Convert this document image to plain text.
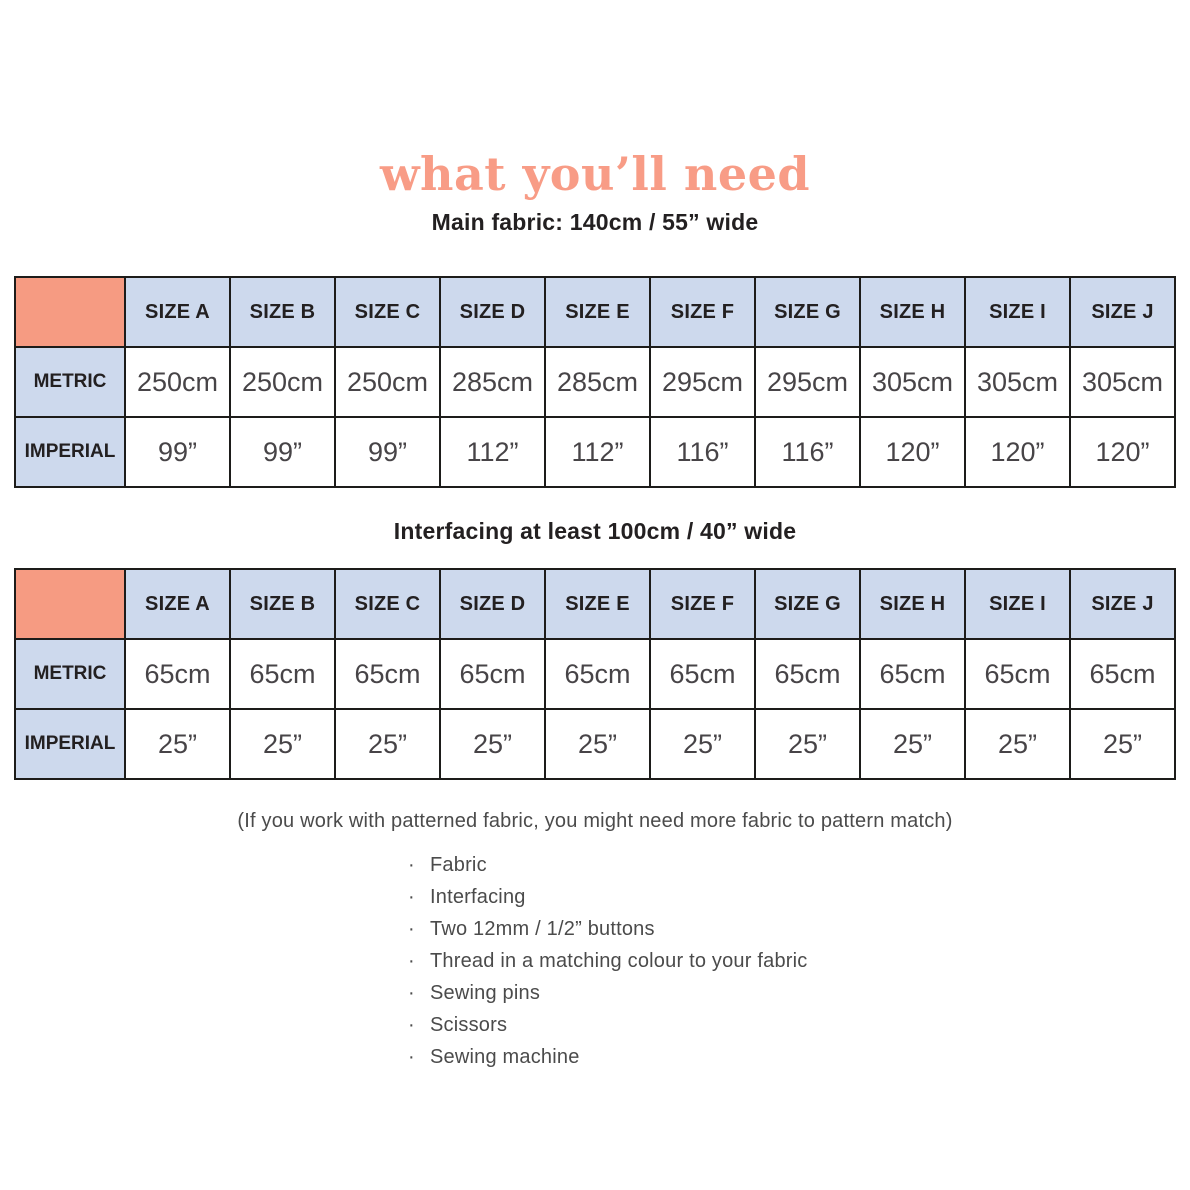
what you’ll need
Main fabric: 140cm / 55” wide
	SIZE A	SIZE B	SIZE C	SIZE D	SIZE E	SIZE F	SIZE G	SIZE H	SIZE I	SIZE J
METRIC	250cm	250cm	250cm	285cm	285cm	295cm	295cm	305cm	305cm	305cm
IMPERIAL	99”	99”	99”	112”	112”	116”	116”	120”	120”	120”
Interfacing at least 100cm / 40” wide
	SIZE A	SIZE B	SIZE C	SIZE D	SIZE E	SIZE F	SIZE G	SIZE H	SIZE I	SIZE J
METRIC	65cm	65cm	65cm	65cm	65cm	65cm	65cm	65cm	65cm	65cm
IMPERIAL	25”	25”	25”	25”	25”	25”	25”	25”	25”	25”

(If you work with patterned fabric, you might need more fabric to pattern match)

· Fabric
· Interfacing
· Two 12mm / 1/2” buttons
· Thread in a matching colour to your fabric
· Sewing pins
· Scissors
· Sewing machine
